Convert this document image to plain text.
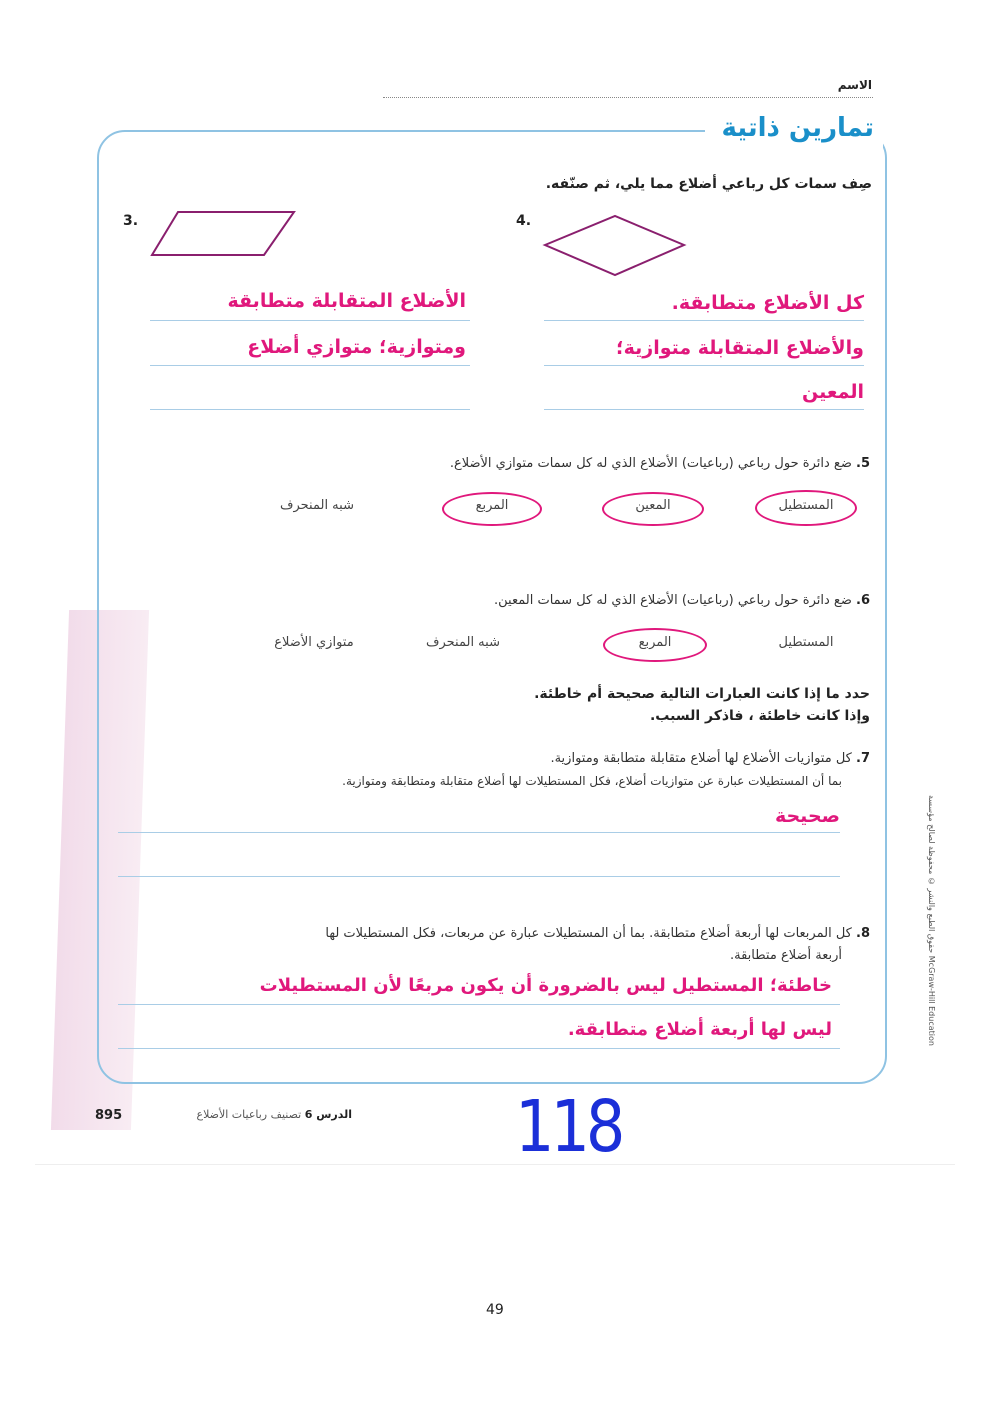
الاسم
تمارين ذاتية
صِف سمات كل رباعي أضلاع مما يلي، ثم صنّفه.
3.	4.
الأضلاع المتقابلة متطابقة
ومتوازية؛ متوازي أضلاع
كل الأضلاع متطابقة.
والأضلاع المتقابلة متوازية؛
المعين
5. ضع دائرة حول رباعي (رباعيات) الأضلاع الذي له كل سمات متوازي الأضلاع.
المستطيل
المعين
المربع
شبه المنحرف
6. ضع دائرة حول رباعي (رباعيات) الأضلاع الذي له كل سمات المعين.
المستطيل
المربع
شبه المنحرف
متوازي الأضلاع
حدد ما إذا كانت العبارات التالية صحيحة أم خاطئة.
وإذا كانت خاطئة ، فاذكر السبب.
7. كل متوازيات الأضلاع لها أضلاع متقابلة متطابقة ومتوازية.
بما أن المستطيلات عبارة عن متوازيات أضلاع، فكل المستطيلات لها أضلاع متقابلة ومتطابقة ومتوازية.
صحيحة
8. كل المربعات لها أربعة أضلاع متطابقة. بما أن المستطيلات عبارة عن مربعات، فكل المستطيلات لها
أربعة أضلاع متطابقة.
خاطئة؛ المستطيل ليس بالضرورة أن يكون مربعًا لأن المستطيلات
ليس لها أربعة أضلاع متطابقة.
حقوق الطبع والنشر © محفوظة لصالح مؤسسة McGraw-Hill Education
895	الدرس 6 تصنيف رباعيات الأضلاع	118
49
